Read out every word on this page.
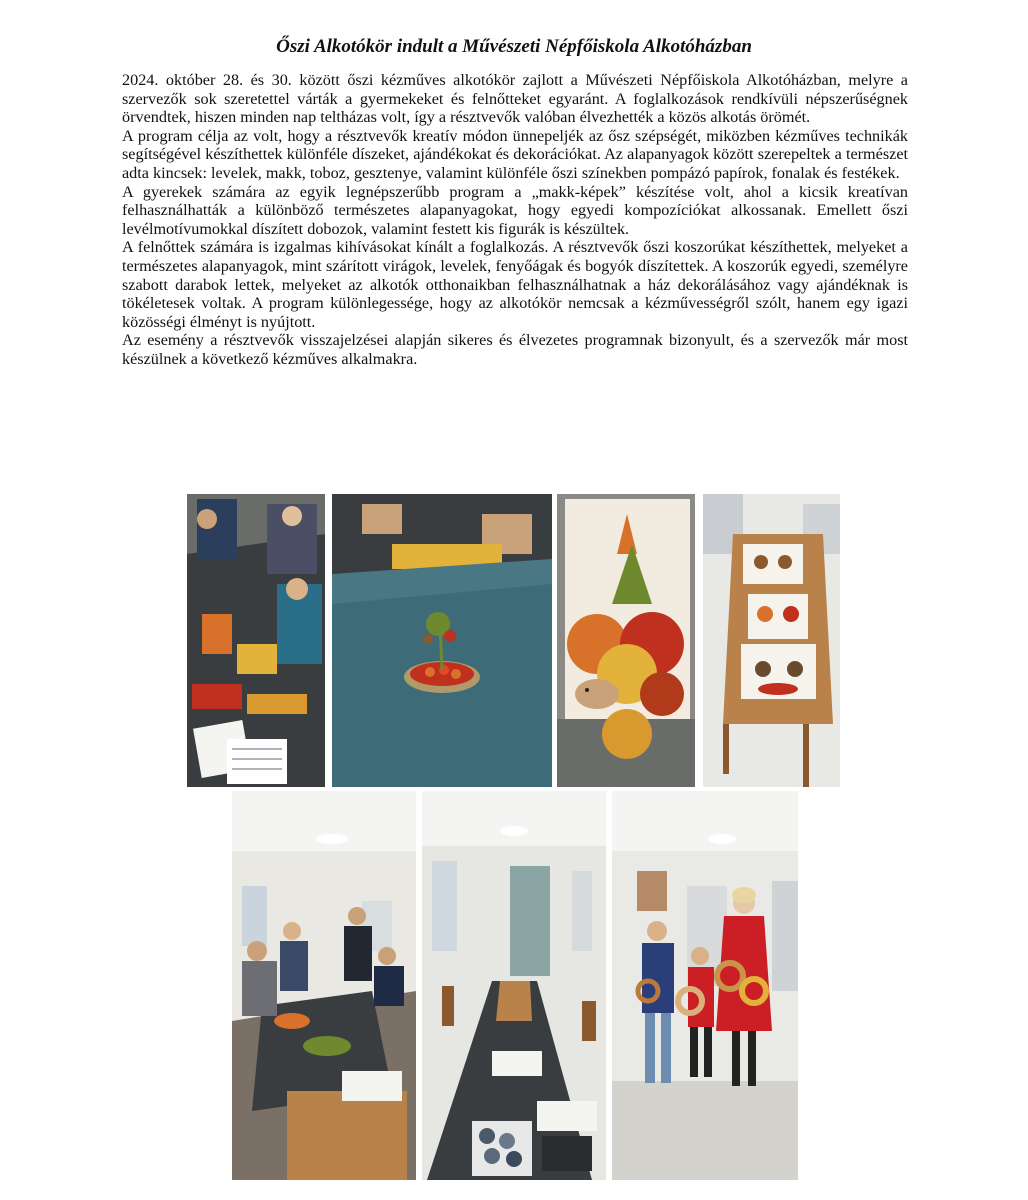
Őszi Alkotókör indult a Művészeti Népfőiskola Alkotóházban

2024. október 28. és 30. között őszi kézműves alkotókör zajlott a Művészeti Népfőiskola Alkotóházban, melyre a szervezők sok szeretettel várták a gyermekeket és felnőtteket egyaránt. A foglalkozások rendkívüli népszerűségnek örvendtek, hiszen minden nap teltházas volt, így a résztvevők valóban élvezhették a közös alkotás örömét.

A program célja az volt, hogy a résztvevők kreatív módon ünnepeljék az ősz szépségét, miközben kézműves technikák segítségével készíthettek különféle díszeket, ajándékokat és dekorációkat. Az alapanyagok között szerepeltek a természet adta kincsek: levelek, makk, toboz, gesztenye, valamint különféle őszi színekben pompázó papírok, fonalak és festékek.

A gyerekek számára az egyik legnépszerűbb program a „makk-képek” készítése volt, ahol a kicsik kreatívan felhasználhatták a különböző természetes alapanyagokat, hogy egyedi kompozíciókat alkossanak. Emellett őszi levélmotívumokkal díszített dobozok, valamint festett kis figurák is készültek.

A felnőttek számára is izgalmas kihívásokat kínált a foglalkozás. A résztvevők őszi koszorúkat készíthettek, melyeket a természetes alapanyagok, mint szárított virágok, levelek, fenyőágak és bogyók díszítettek. A koszorúk egyedi, személyre szabott darabok lettek, melyeket az alkotók otthonaikban felhasználhatnak a ház dekorálásához vagy ajándéknak is tökéletesek voltak. A program különlegessége, hogy az alkotókör nemcsak a kézművességről szólt, hanem egy igazi közösségi élményt is nyújtott.

Az esemény a résztvevők visszajelzései alapján sikeres és élvezetes programnak bizonyult, és a szervezők már most készülnek a következő kézműves alkalmakra.
